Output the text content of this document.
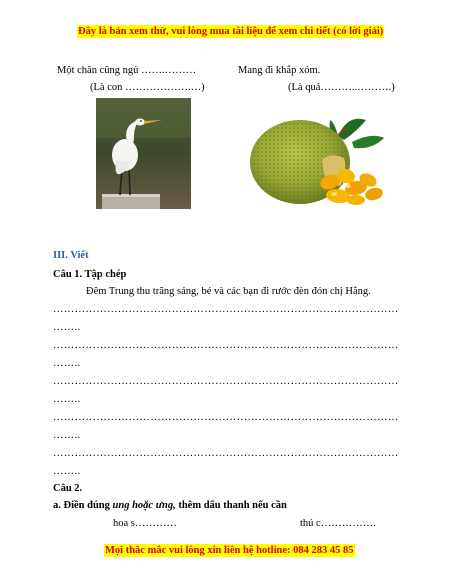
Đây là bản xem thử, vui lòng mua tài liệu để xem chi tiết (có lời giải)
Một chân cũng ngủ …….………
(Là con ……………….…)
Mang đi khắp xóm.
(Là quả………..……….)
III. Viết
Câu 1. Tập chép
Đêm Trung thu trăng sáng, bé và các bạn đi rước đèn đón chị Hằng.
……………………………………………………………………………………
……..
……………………………………………………………………………………
……..
……………………………………………………………………………………
……..
……………………………………………………………………………………
……..
……………………………………………………………………………………
……..
Câu 2.
a. Điền đúng ung hoặc ưng, thêm dấu thanh nếu cần
hoa s…………	thú c…………….
Mọi thắc mắc vui lòng xin liên hệ hotline: 084 283 45 85
